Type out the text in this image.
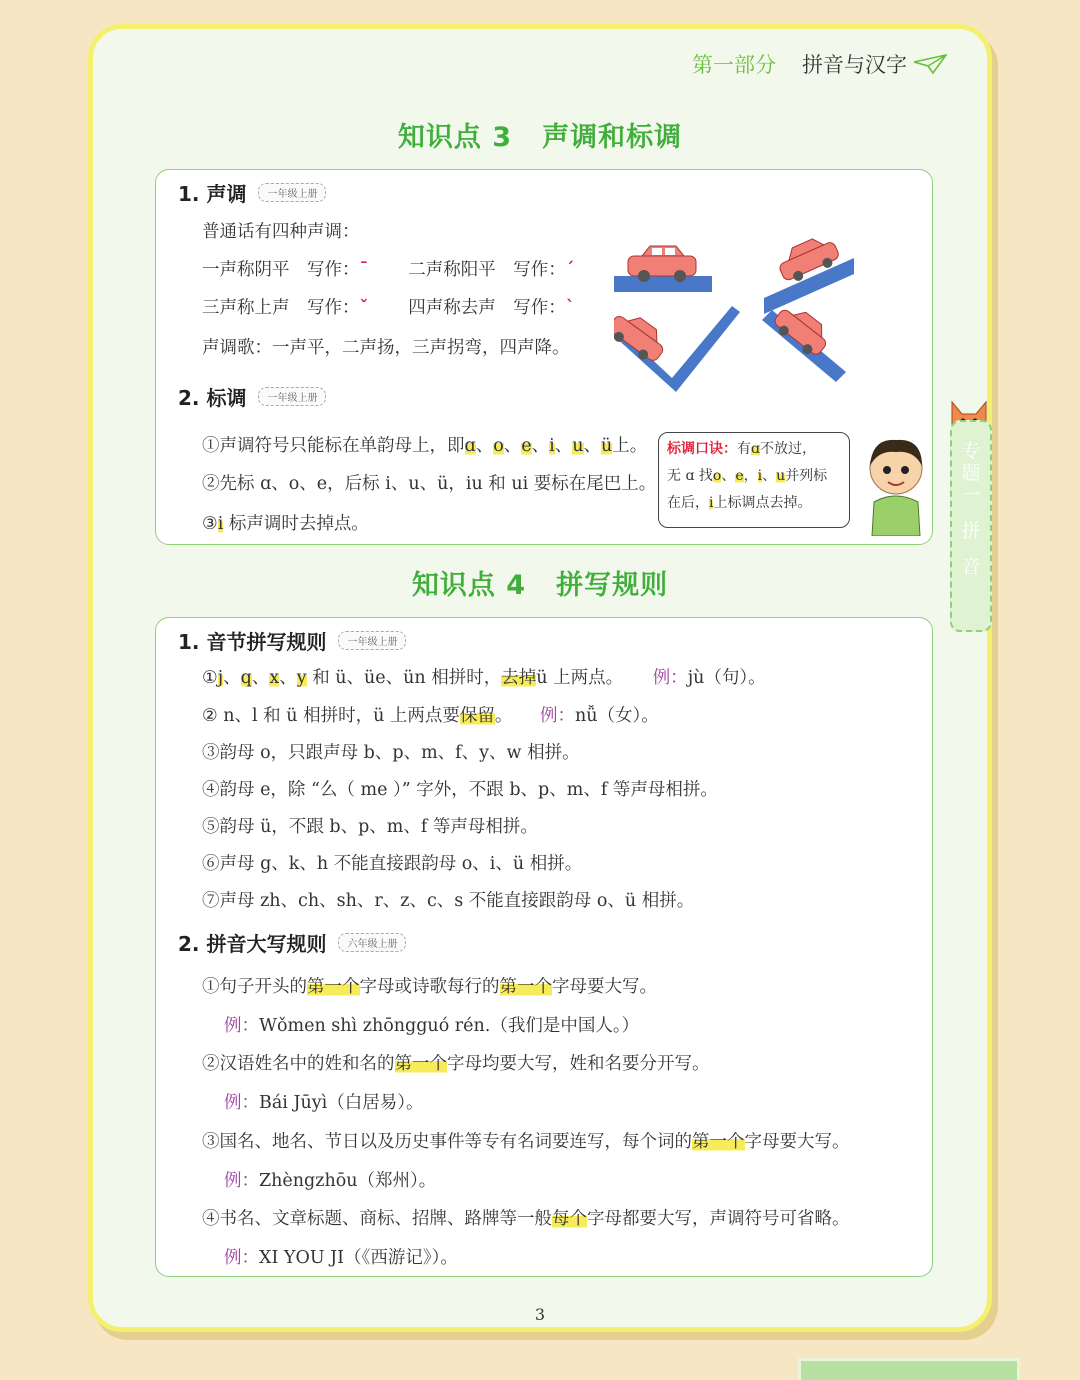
第一部分 拼音与汉字
知识点 3 声调和标调
1. 声调	一年级上册
普通话有四种声调：
一声称阴平　写作：ˉ 二声称阳平　写作：ˊ
三声称上声　写作：ˇ 四声称去声　写作：ˋ
声调歌：一声平，二声扬，三声拐弯，四声降。
2. 标调	一年级上册
①声调符号只能标在单韵母上，即ɑ、o、e、i、u、ü上。
②先标 ɑ、o、e，后标 i、u、ü，iu 和 ui 要标在尾巴上。
③i 标声调时去掉点。
标调口诀：有ɑ不放过，
无 ɑ 找o、e，i、u并列标
在后，i上标调点去掉。
知识点 4 拼写规则
1. 音节拼写规则	一年级上册
①j、q、x、y 和 ü、üe、ün 相拼时，去掉ü 上两点。 例：jù（句）。
② n、l 和 ü 相拼时，ü 上两点要保留。 例：nǚ（女）。
③韵母 o，只跟声母 b、p、m、f、y、w 相拼。
④韵母 e，除 “么（ me ）” 字外，不跟 b、p、m、f 等声母相拼。
⑤韵母 ü，不跟 b、p、m、f 等声母相拼。
⑥声母 g、k、h 不能直接跟韵母 o、i、ü 相拼。
⑦声母 zh、ch、sh、r、z、c、s 不能直接跟韵母 o、ü 相拼。
2. 拼音大写规则	六年级上册
①句子开头的第一个字母或诗歌每行的第一个字母要大写。
例：Wǒmen shì zhōngguó rén.（我们是中国人。）
②汉语姓名中的姓和名的第一个字母均要大写，姓和名要分开写。
例：Bái Jūyì（白居易）。
③国名、地名、节日以及历史事件等专有名词要连写，每个词的第一个字母要大写。
例：Zhèngzhōu（郑州）。
④书名、文章标题、商标、招牌、路牌等一般每个字母都要大写，声调符号可省略。
例：XI YOU JI（《西游记》）。
3
专
题
一
拼
音
